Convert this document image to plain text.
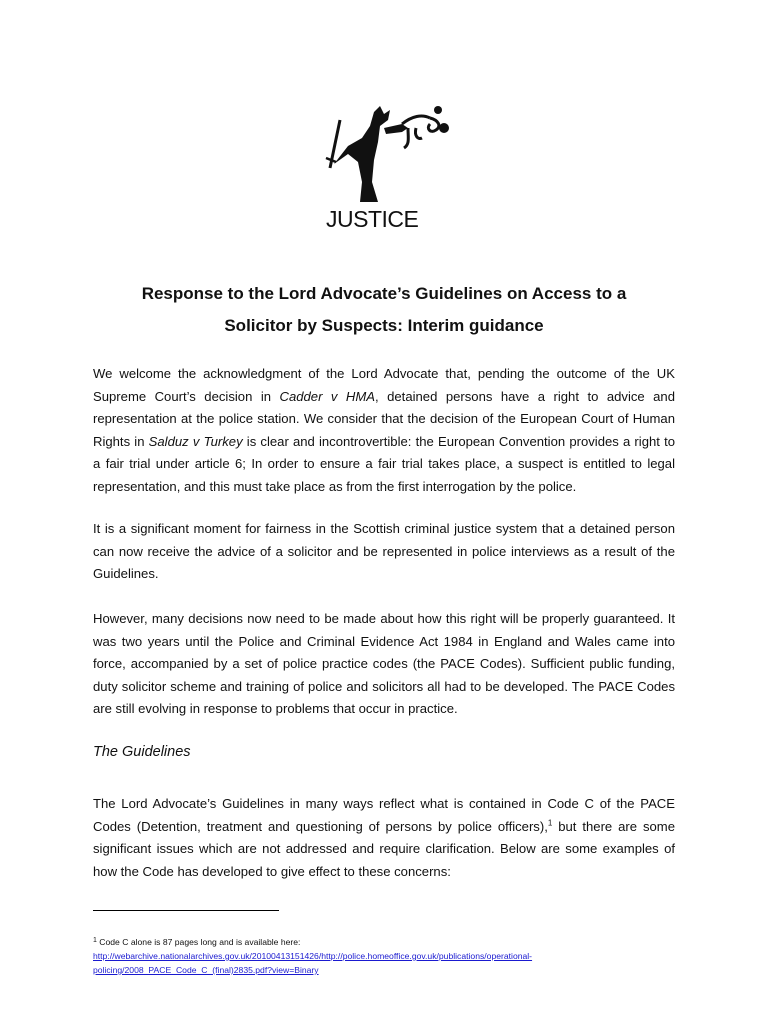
JUSTICE
Response to the Lord Advocate’s Guidelines on Access to a
Solicitor by Suspects: Interim guidance

We welcome the acknowledgment of the Lord Advocate that, pending the outcome of the UK Supreme Court’s decision in Cadder v HMA, detained persons have a right to advice and representation at the police station. We consider that the decision of the European Court of Human Rights in Salduz v Turkey is clear and incontrovertible: the European Convention provides a right to a fair trial under article 6; In order to ensure a fair trial takes place, a suspect is entitled to legal representation, and this must take place as from the first interrogation by the police.

It is a significant moment for fairness in the Scottish criminal justice system that a detained person can now receive the advice of a solicitor and be represented in police interviews as a result of the Guidelines.

However, many decisions now need to be made about how this right will be properly guaranteed. It was two years until the Police and Criminal Evidence Act 1984 in England and Wales came into force, accompanied by a set of police practice codes (the PACE Codes). Sufficient public funding, duty solicitor scheme and training of police and solicitors all had to be developed. The PACE Codes are still evolving in response to problems that occur in practice.

The Guidelines

The Lord Advocate’s Guidelines in many ways reflect what is contained in Code C of the PACE Codes (Detention, treatment and questioning of persons by police officers),$^1$ but there are some significant issues which are not addressed and require clarification. Below are some examples of how the Code has developed to give effect to these concerns:

$^1$ Code C alone is 87 pages long and is available here:
http://webarchive.nationalarchives.gov.uk/20100413151426/http://police.homeoffice.gov.uk/publications/operational-
policing/2008_PACE_Code_C_(final)2835.pdf?view=Binary
